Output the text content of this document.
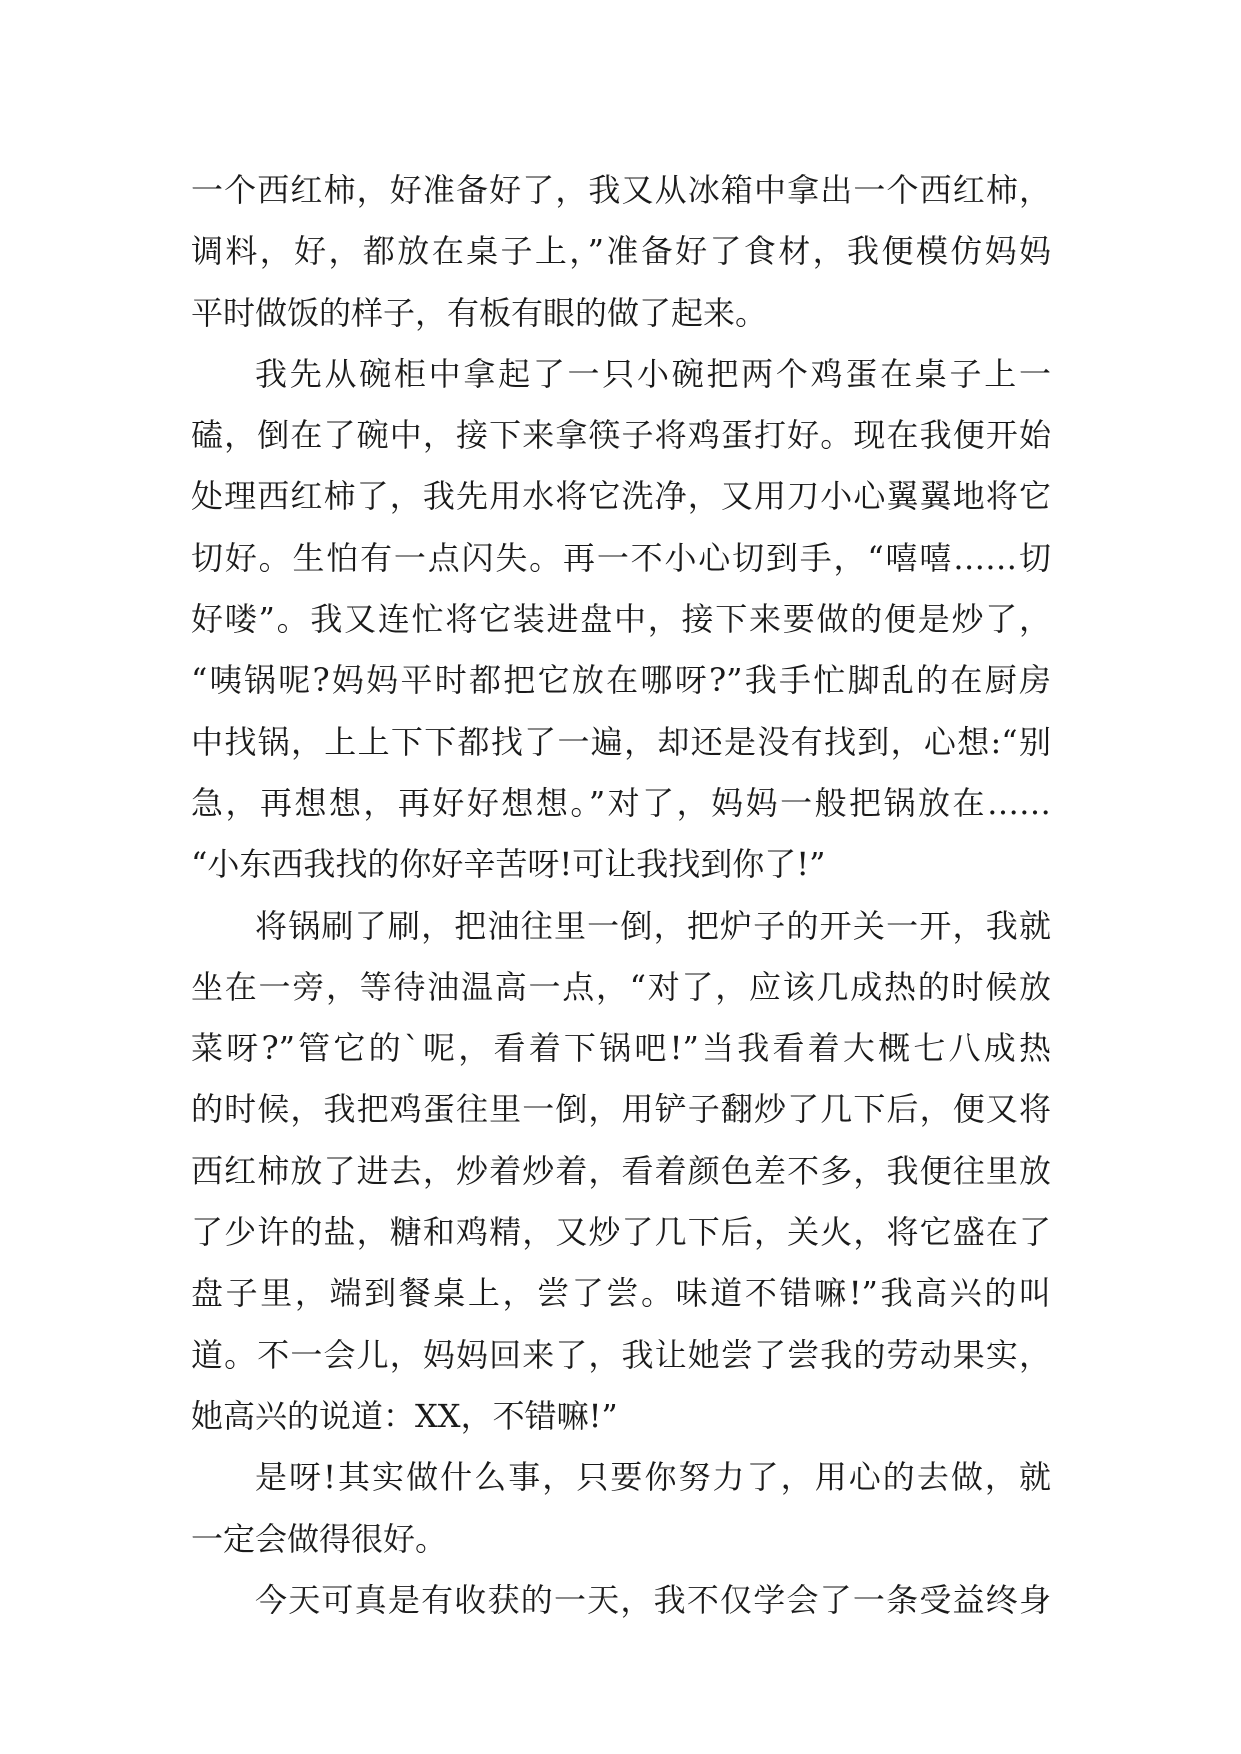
一个西红柿，好准备好了，我又从冰箱中拿出一个西红柿，
调料，好，都放在桌子上，”准备好了食材，我便模仿妈妈
平时做饭的样子，有板有眼的做了起来。
我先从碗柜中拿起了一只小碗把两个鸡蛋在桌子上一
磕，倒在了碗中，接下来拿筷子将鸡蛋打好。现在我便开始
处理西红柿了，我先用水将它洗净，又用刀小心翼翼地将它
切好。生怕有一点闪失。再一不小心切到手，“嘻嘻……切
好喽”。我又连忙将它装进盘中，接下来要做的便是炒了，
“咦锅呢?妈妈平时都把它放在哪呀?”我手忙脚乱的在厨房
中找锅，上上下下都找了一遍，却还是没有找到，心想:“别
急，再想想，再好好想想。”对了，妈妈一般把锅放在……
“小东西我找的你好辛苦呀!可让我找到你了!”
将锅刷了刷，把油往里一倒，把炉子的开关一开，我就
坐在一旁，等待油温高一点，“对了，应该几成热的时候放
菜呀?”管它的`呢，看着下锅吧!”当我看着大概七八成热
的时候，我把鸡蛋往里一倒，用铲子翻炒了几下后，便又将
西红柿放了进去，炒着炒着，看着颜色差不多，我便往里放
了少许的盐，糖和鸡精，又炒了几下后，关火，将它盛在了
盘子里，端到餐桌上，尝了尝。味道不错嘛!”我高兴的叫
道。不一会儿，妈妈回来了，我让她尝了尝我的劳动果实，
她高兴的说道：XX，不错嘛!”
是呀!其实做什么事，只要你努力了，用心的去做，就
一定会做得很好。
今天可真是有收获的一天，我不仅学会了一条受益终身
